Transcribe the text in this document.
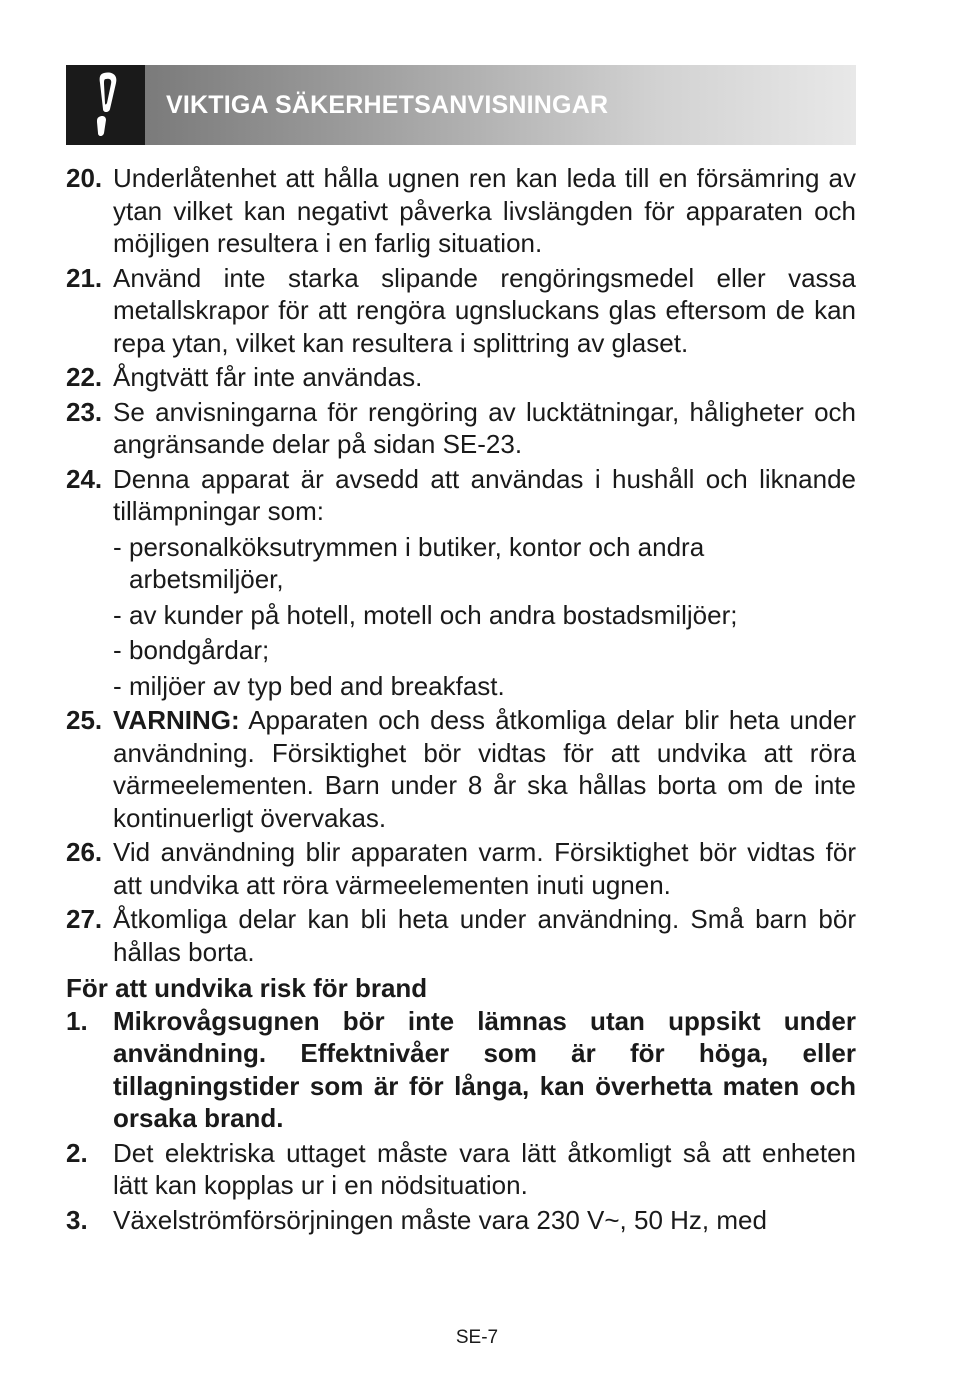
VIKTIGA SÄKERHETSANVISNINGAR
20. Underlåtenhet att hålla ugnen ren kan leda till en försämring av ytan vilket kan negativt påverka livslängden för apparaten och möjligen resultera i en farlig situation.
21. Använd inte starka slipande rengöringsmedel eller vassa metallskrapor för att rengöra ugnsluckans glas eftersom de kan repa ytan, vilket kan resultera i splittring av glaset.
22. Ångtvätt får inte användas.
23. Se anvisningarna för rengöring av lucktätningar, håligheter och angränsande delar på sidan SE-23.
24. Denna apparat är avsedd att användas i hushåll och liknande tillämpningar som:
- personalköksutrymmen i butiker, kontor och andra arbetsmiljöer,
- av kunder på hotell, motell och andra bostadsmiljöer;
- bondgårdar;
- miljöer av typ bed and breakfast.
25. VARNING: Apparaten och dess åtkomliga delar blir heta under användning. Försiktighet bör vidtas för att undvika att röra värmeelementen. Barn under 8 år ska hållas borta om de inte kontinuerligt övervakas.
26. Vid användning blir apparaten varm. Försiktighet bör vidtas för att undvika att röra värmeelementen inuti ugnen.
27. Åtkomliga delar kan bli heta under användning. Små barn bör hållas borta.
För att undvika risk för brand
1. Mikrovågsugnen bör inte lämnas utan uppsikt under användning. Effektnivåer som är för höga, eller tillagningstider som är för långa, kan överhetta maten och orsaka brand.
2. Det elektriska uttaget måste vara lätt åtkomligt så att enheten lätt kan kopplas ur i en nödsituation.
3. Växelströmförsörjningen måste vara 230 V~, 50 Hz, med
SE-7
